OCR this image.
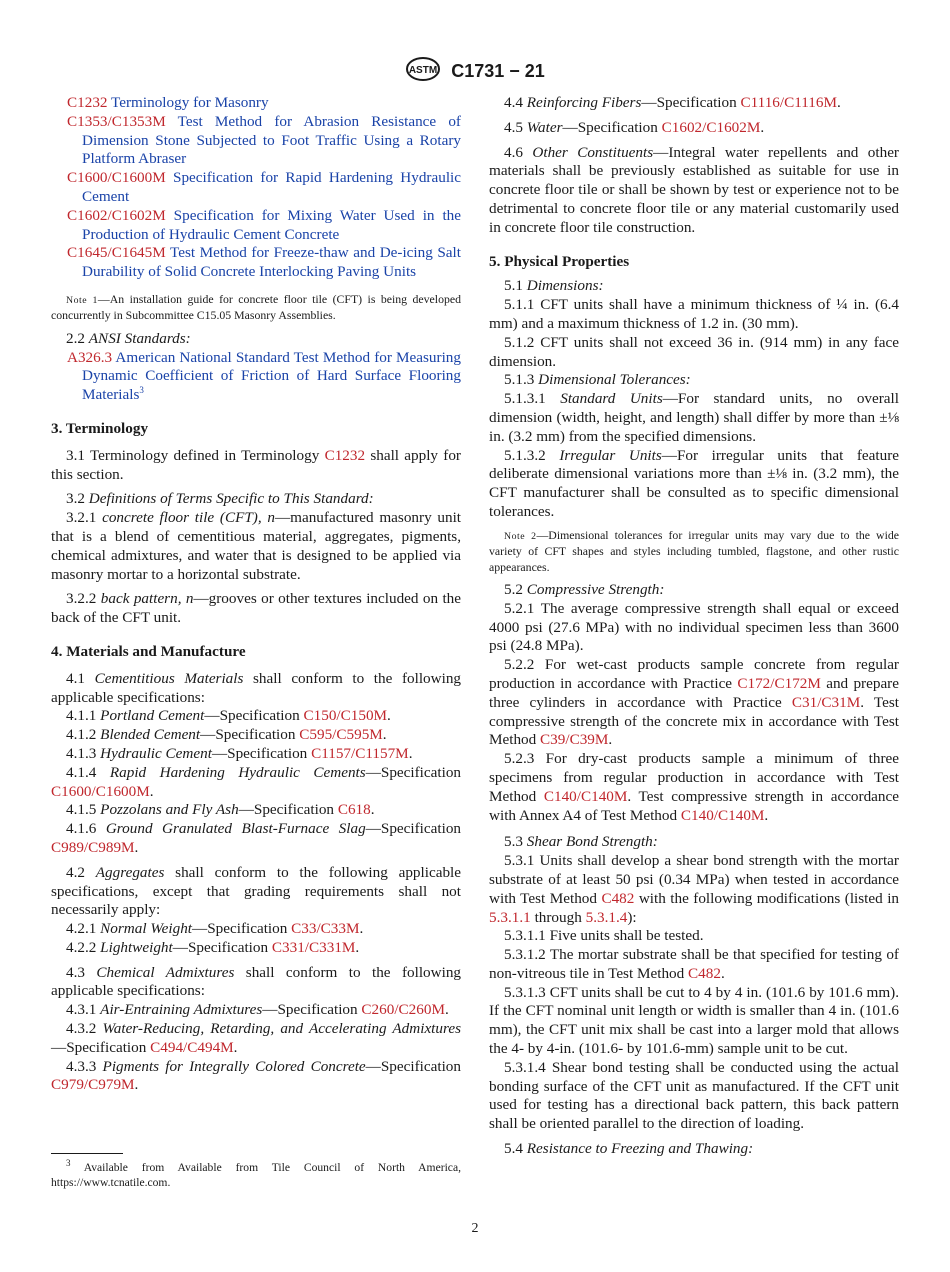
ASTM C1731 − 21

C1232 Terminology for Masonry

C1353/C1353M Test Method for Abrasion Resistance of Dimension Stone Subjected to Foot Traffic Using a Rotary Platform Abraser

C1600/C1600M Specification for Rapid Hardening Hydraulic Cement

C1602/C1602M Specification for Mixing Water Used in the Production of Hydraulic Cement Concrete

C1645/C1645M Test Method for Freeze-thaw and De-icing Salt Durability of Solid Concrete Interlocking Paving Units

Note 1—An installation guide for concrete floor tile (CFT) is being developed concurrently in Subcommittee C15.05 Masonry Assemblies.

2.2 ANSI Standards:

A326.3 American National Standard Test Method for Measuring Dynamic Coefficient of Friction of Hard Surface Flooring Materials$^3$

3. Terminology

3.1 Terminology defined in Terminology C1232 shall apply for this section.

3.2 Definitions of Terms Specific to This Standard:

3.2.1 concrete floor tile (CFT), n—manufactured masonry unit that is a blend of cementitious material, aggregates, pigments, chemical admixtures, and water that is designed to be applied via masonry mortar to a horizontal substrate.

3.2.2 back pattern, n—grooves or other textures included on the back of the CFT unit.

4. Materials and Manufacture

4.1 Cementitious Materials shall conform to the following applicable specifications:

4.1.1 Portland Cement—Specification C150/C150M.

4.1.2 Blended Cement—Specification C595/C595M.

4.1.3 Hydraulic Cement—Specification C1157/C1157M.

4.1.4 Rapid Hardening Hydraulic Cements—Specification C1600/C1600M.

4.1.5 Pozzolans and Fly Ash—Specification C618.

4.1.6 Ground Granulated Blast-Furnace Slag—Specification C989/C989M.

4.2 Aggregates shall conform to the following applicable specifications, except that grading requirements shall not necessarily apply:

4.2.1 Normal Weight—Specification C33/C33M.

4.2.2 Lightweight—Specification C331/C331M.

4.3 Chemical Admixtures shall conform to the following applicable specifications:

4.3.1 Air-Entraining Admixtures—Specification C260/C260M.

4.3.2 Water-Reducing, Retarding, and Accelerating Admixtures—Specification C494/C494M.

4.3.3 Pigments for Integrally Colored Concrete—Specification C979/C979M.

$^3$ Available from Available from Tile Council of North America, https://www.tcnatile.com.

4.4 Reinforcing Fibers—Specification C1116/C1116M.

4.5 Water—Specification C1602/C1602M.

4.6 Other Constituents—Integral water repellents and other materials shall be previously established as suitable for use in concrete floor tile or shall be shown by test or experience not to be detrimental to concrete floor tile or any material customarily used in concrete floor tile construction.

5. Physical Properties

5.1 Dimensions:

5.1.1 CFT units shall have a minimum thickness of ¼ in. (6.4 mm) and a maximum thickness of 1.2 in. (30 mm).

5.1.2 CFT units shall not exceed 36 in. (914 mm) in any face dimension.

5.1.3 Dimensional Tolerances:

5.1.3.1 Standard Units—For standard units, no overall dimension (width, height, and length) shall differ by more than ±⅛ in. (3.2 mm) from the specified dimensions.

5.1.3.2 Irregular Units—For irregular units that feature deliberate dimensional variations more than ±⅛ in. (3.2 mm), the CFT manufacturer shall be consulted as to specific dimensional tolerances.

Note 2—Dimensional tolerances for irregular units may vary due to the wide variety of CFT shapes and styles including tumbled, flagstone, and other rustic appearances.

5.2 Compressive Strength:

5.2.1 The average compressive strength shall equal or exceed 4000 psi (27.6 MPa) with no individual specimen less than 3600 psi (24.8 MPa).

5.2.2 For wet-cast products sample concrete from regular production in accordance with Practice C172/C172M and prepare three cylinders in accordance with Practice C31/C31M. Test compressive strength of the concrete mix in accordance with Test Method C39/C39M.

5.2.3 For dry-cast products sample a minimum of three specimens from regular production in accordance with Test Method C140/C140M. Test compressive strength in accordance with Annex A4 of Test Method C140/C140M.

5.3 Shear Bond Strength:

5.3.1 Units shall develop a shear bond strength with the mortar substrate of at least 50 psi (0.34 MPa) when tested in accordance with Test Method C482 with the following modifications (listed in 5.3.1.1 through 5.3.1.4):

5.3.1.1 Five units shall be tested.

5.3.1.2 The mortar substrate shall be that specified for testing of non-vitreous tile in Test Method C482.

5.3.1.3 CFT units shall be cut to 4 by 4 in. (101.6 by 101.6 mm). If the CFT nominal unit length or width is smaller than 4 in. (101.6 mm), the CFT unit mix shall be cast into a larger mold that allows the 4- by 4-in. (101.6- by 101.6-mm) sample unit to be cut.

5.3.1.4 Shear bond testing shall be conducted using the actual bonding surface of the CFT unit as manufactured. If the CFT unit used for testing has a directional back pattern, this back pattern shall be oriented parallel to the direction of loading.

5.4 Resistance to Freezing and Thawing:

2
